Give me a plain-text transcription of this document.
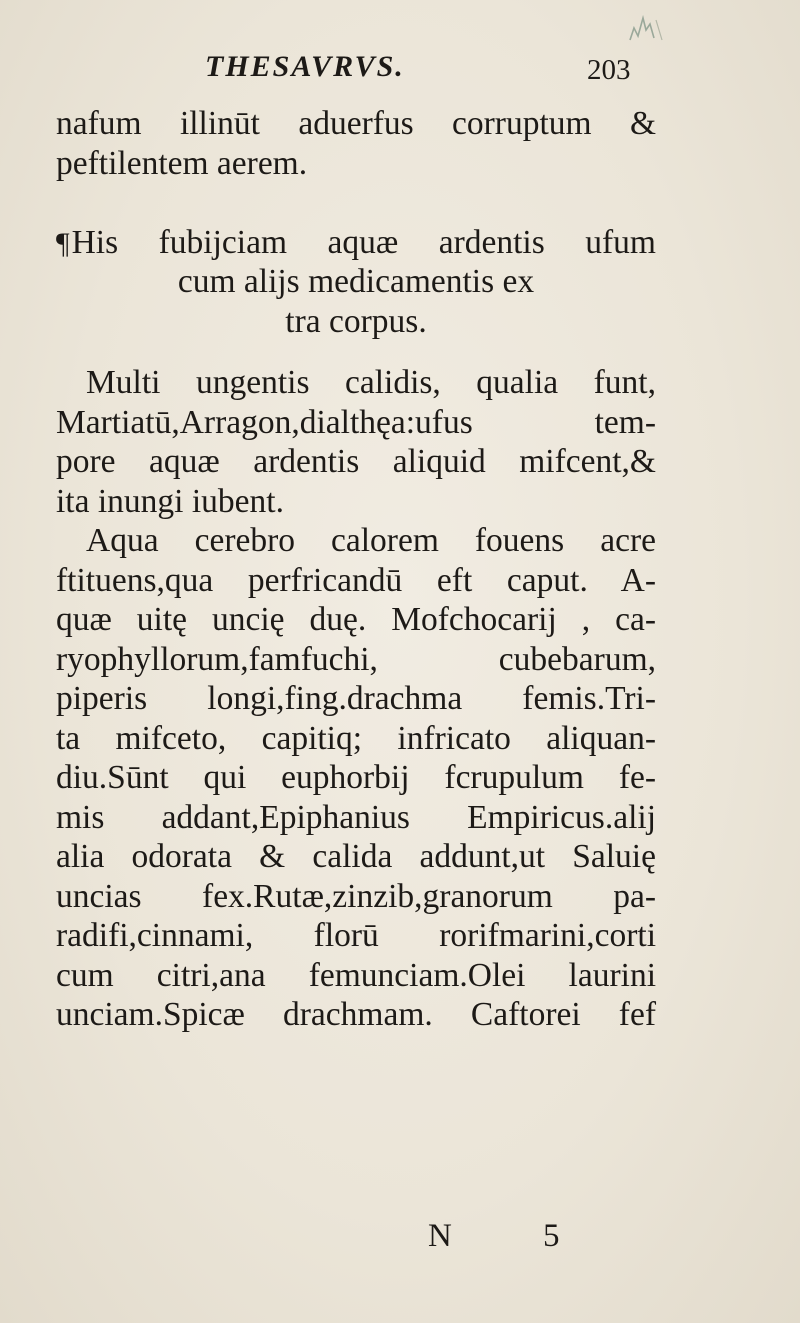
THESAVRVS.	203
nafum illinūt aduerfus corruptum &
peftilentem aerem.
¶His fubijciam aquæ ardentis ufum
cum alijs medicamentis ex
tra corpus.
Multi ungentis calidis, qualia funt,
Martiatū,Arragon,dialthęa:ufus tem-
pore aquæ ardentis aliquid mifcent,&
ita inungi iubent.
Aqua cerebro calorem fouens acre
ftituens,qua perfricandū eft caput. A-
quæ uitę uncię duę. Mofchocarij , ca-
ryophyllorum,famfuchi, cubebarum,
piperis longi,fing.drachma femis.Tri-
ta mifceto, capitiq; infricato aliquan-
diu.Sūnt qui euphorbij fcrupulum fe-
mis addant,Epiphanius Empiricus.alij
alia odorata & calida addunt,ut Saluię
uncias fex.Rutæ,zinzib,granorum pa-
radifi,cinnami, florū rorifmarini,corti
cum citri,ana femunciam.Olei laurini
unciam.Spicæ drachmam. Caftorei fef
N	5
